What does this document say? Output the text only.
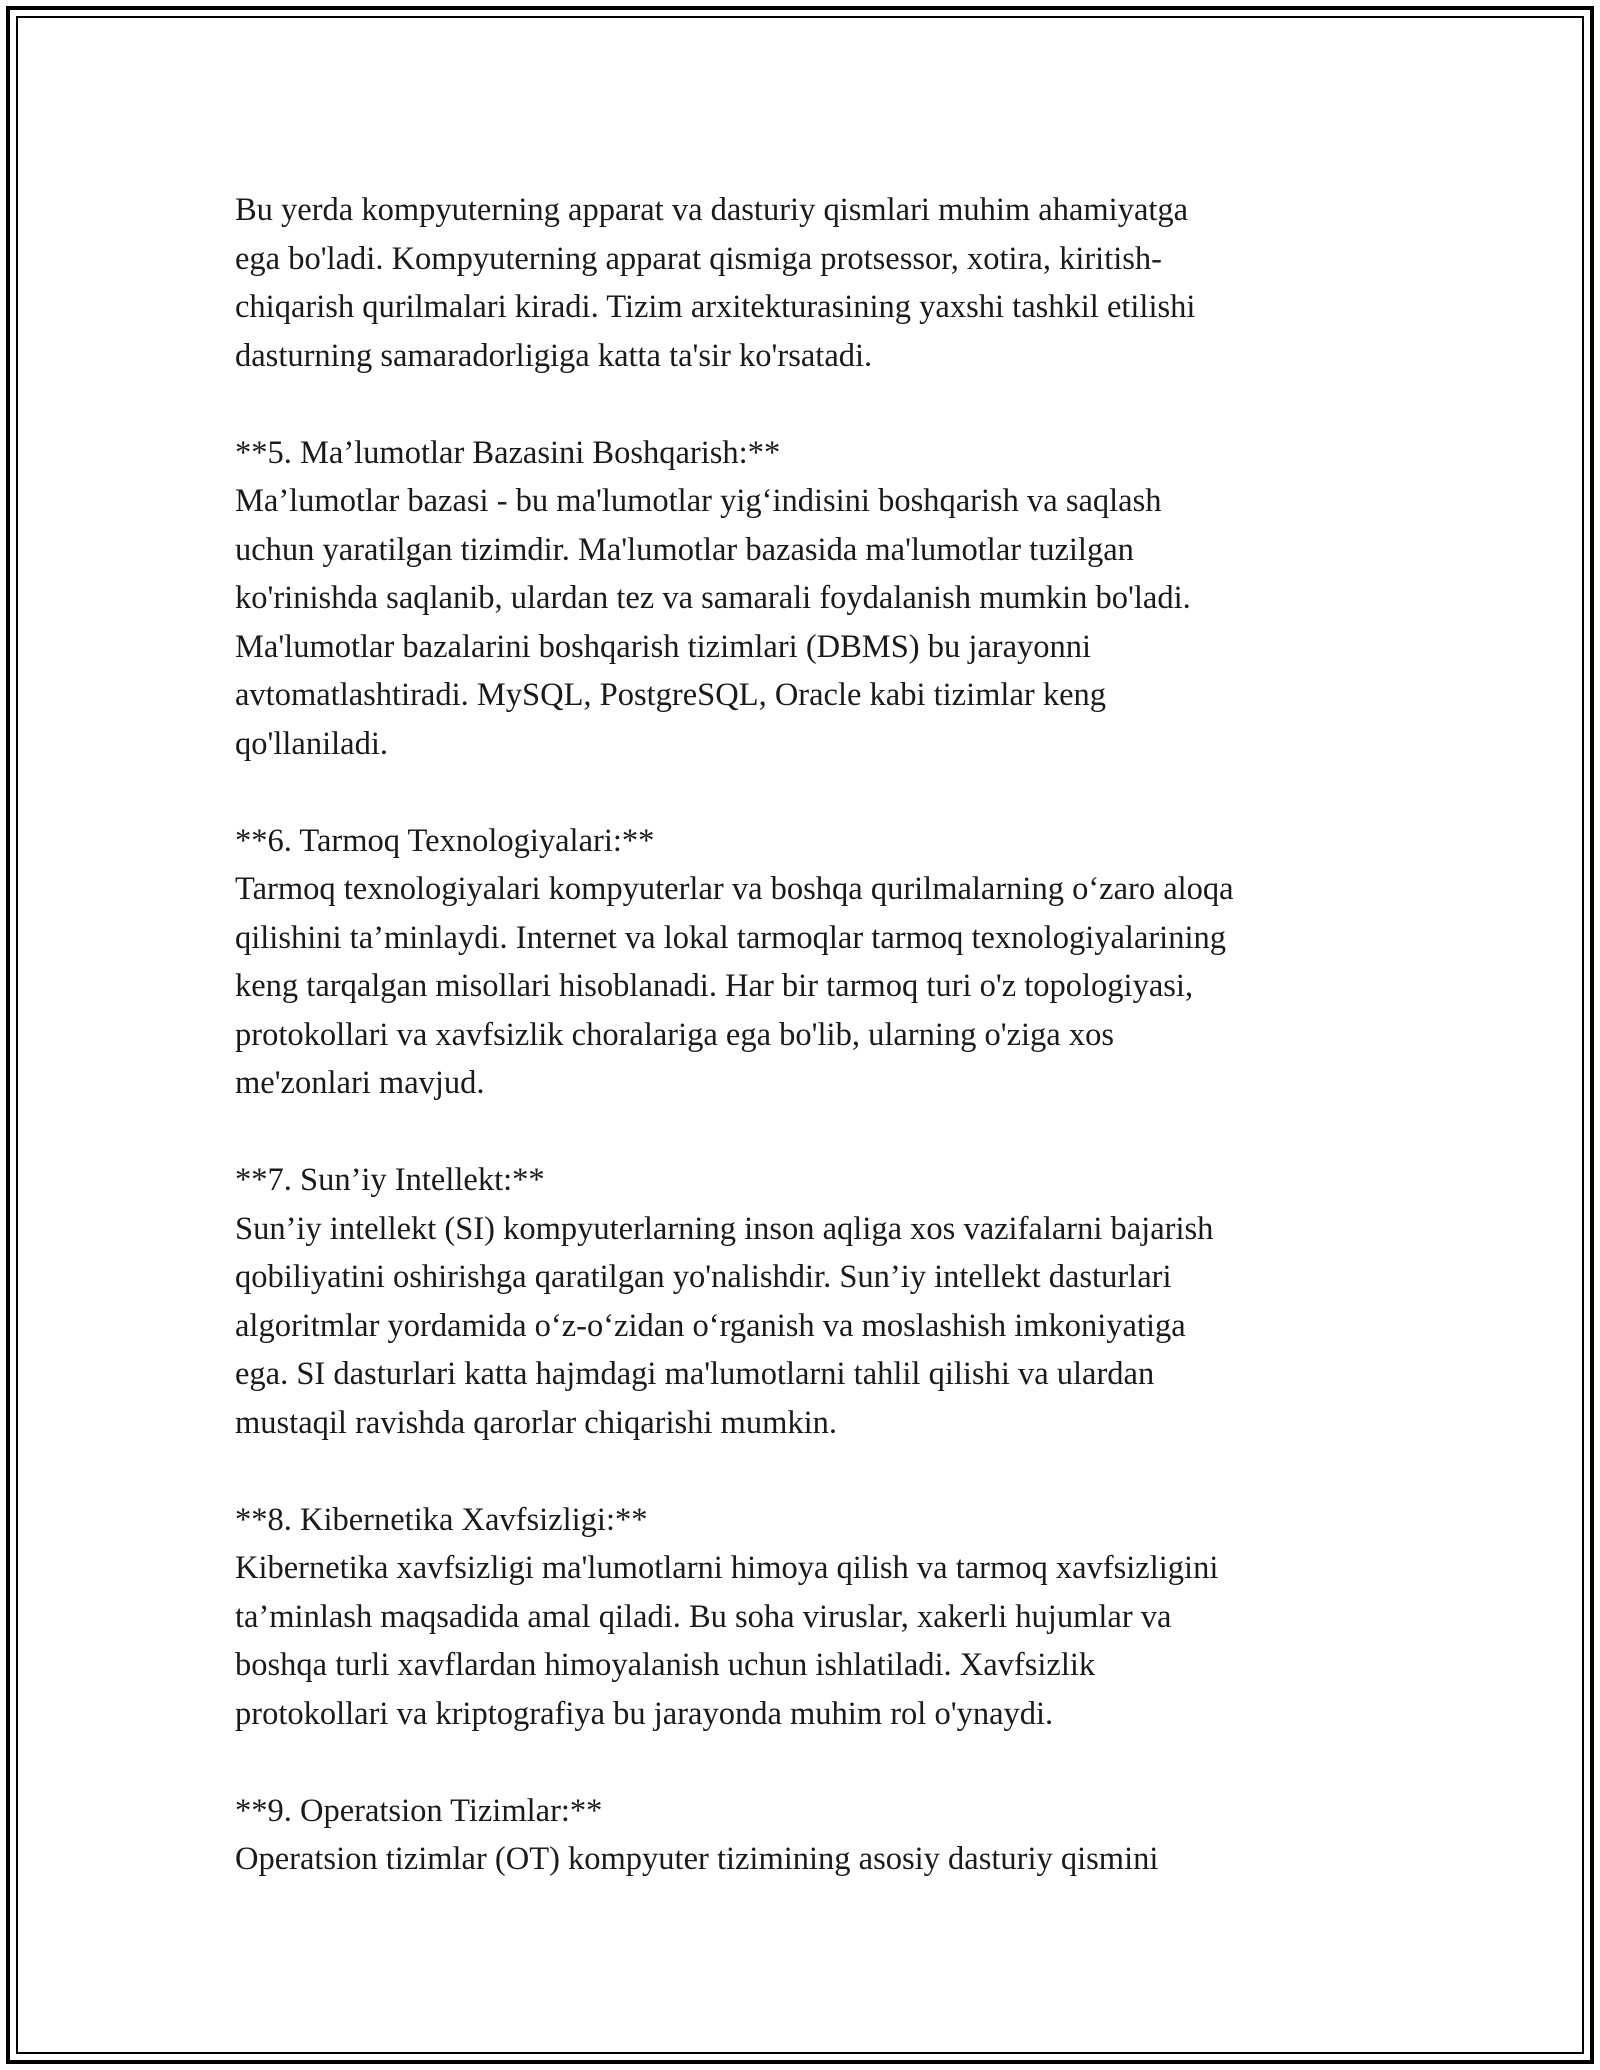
Bu yerda kompyuterning apparat va dasturiy qismlari muhim ahamiyatga
ega bo'ladi. Kompyuterning apparat qismiga protsessor, xotira, kiritish-
chiqarish qurilmalari kiradi. Tizim arxitekturasining yaxshi tashkil etilishi
dasturning samaradorligiga katta ta'sir ko'rsatadi.
**5. Ma’lumotlar Bazasini Boshqarish:**
Ma’lumotlar bazasi - bu ma'lumotlar yig‘indisini boshqarish va saqlash
uchun yaratilgan tizimdir. Ma'lumotlar bazasida ma'lumotlar tuzilgan
ko'rinishda saqlanib, ulardan tez va samarali foydalanish mumkin bo'ladi.
Ma'lumotlar bazalarini boshqarish tizimlari (DBMS) bu jarayonni
avtomatlashtiradi. MySQL, PostgreSQL, Oracle kabi tizimlar keng
qo'llaniladi.
**6. Tarmoq Texnologiyalari:**
Tarmoq texnologiyalari kompyuterlar va boshqa qurilmalarning o‘zaro aloqa
qilishini ta’minlaydi. Internet va lokal tarmoqlar tarmoq texnologiyalarining
keng tarqalgan misollari hisoblanadi. Har bir tarmoq turi o'z topologiyasi,
protokollari va xavfsizlik choralariga ega bo'lib, ularning o'ziga xos
me'zonlari mavjud.
**7. Sun’iy Intellekt:**
Sun’iy intellekt (SI) kompyuterlarning inson aqliga xos vazifalarni bajarish
qobiliyatini oshirishga qaratilgan yo'nalishdir. Sun’iy intellekt dasturlari
algoritmlar yordamida o‘z-o‘zidan o‘rganish va moslashish imkoniyatiga
ega. SI dasturlari katta hajmdagi ma'lumotlarni tahlil qilishi va ulardan
mustaqil ravishda qarorlar chiqarishi mumkin.
**8. Kibernetika Xavfsizligi:**
Kibernetika xavfsizligi ma'lumotlarni himoya qilish va tarmoq xavfsizligini
ta’minlash maqsadida amal qiladi. Bu soha viruslar, xakerli hujumlar va
boshqa turli xavflardan himoyalanish uchun ishlatiladi. Xavfsizlik
protokollari va kriptografiya bu jarayonda muhim rol o'ynaydi.
**9. Operatsion Tizimlar:**
Operatsion tizimlar (OT) kompyuter tizimining asosiy dasturiy qismini
